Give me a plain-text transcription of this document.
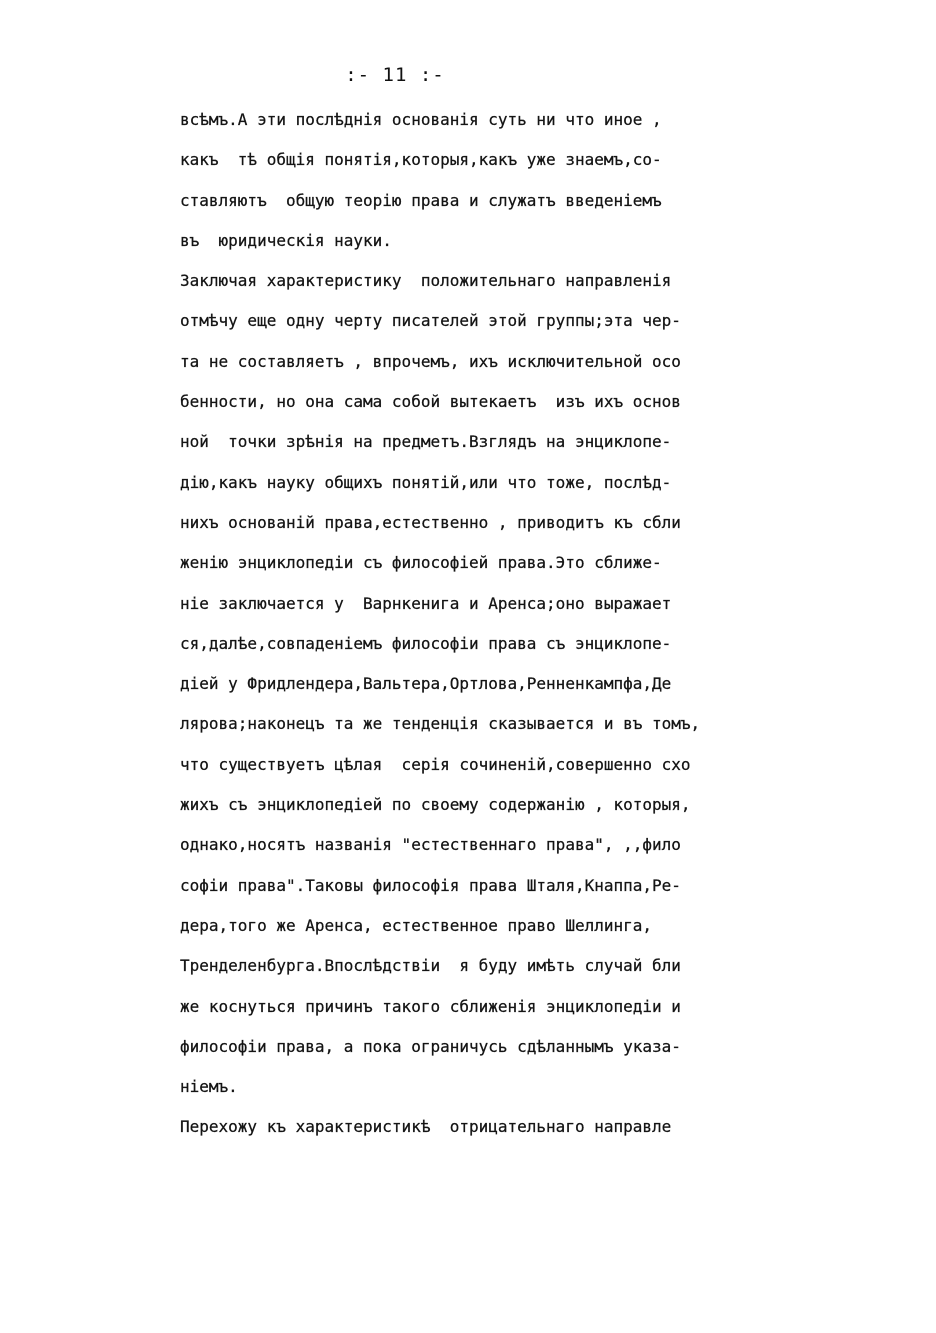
:- 11 :-
всѣмъ.А эти послѣднія основанія суть ни что иное ,
какъ  тѣ общія понятія,которыя,какъ уже знаемъ,со-
ставляютъ  общую теорію права и служатъ введеніемъ
въ  юридическія науки.
Заключая характеристику  положительнаго направленія
отмѣчу еще одну черту писателей этой группы;эта чер-
та не составляетъ , впрочемъ, ихъ исключительной осо
бенности, но она сама собой вытекаетъ  изъ ихъ основ
ной  точки зрѣнія на предметъ.Взглядъ на энциклопе-
дію,какъ науку общихъ понятій,или что тоже, послѣд-
нихъ основаній права,естественно , приводитъ къ сбли
женію энциклопедіи съ философіей права.Это сближе-
ніе заключается у  Варнкенига и Аренса;оно выражает
ся,далѣе,совпаденіемъ философіи права съ энциклопе-
діей у Фридлендера,Вальтера,Ортлова,Ренненкампфа,Де
лярова;наконецъ та же тенденція сказывается и въ томъ,
что существуетъ цѣлая  серія сочиненій,совершенно схо
жихъ съ энциклопедіей по своему содержанію , которыя,
однако,носятъ названія "естественнаго права", ,,фило
софіи права".Таковы философія права Шталя,Кнаппа,Ре-
дера,того же Аренса, естественное право Шеллинга,
Тренделенбурга.Впослѣдствіи  я буду имѣть случай бли
же коснуться причинъ такого сближенія энциклопедіи и
философіи права, а пока ограничусь сдѣланнымъ указа-
ніемъ.
Перехожу къ характеристикѣ  отрицательнаго направле
